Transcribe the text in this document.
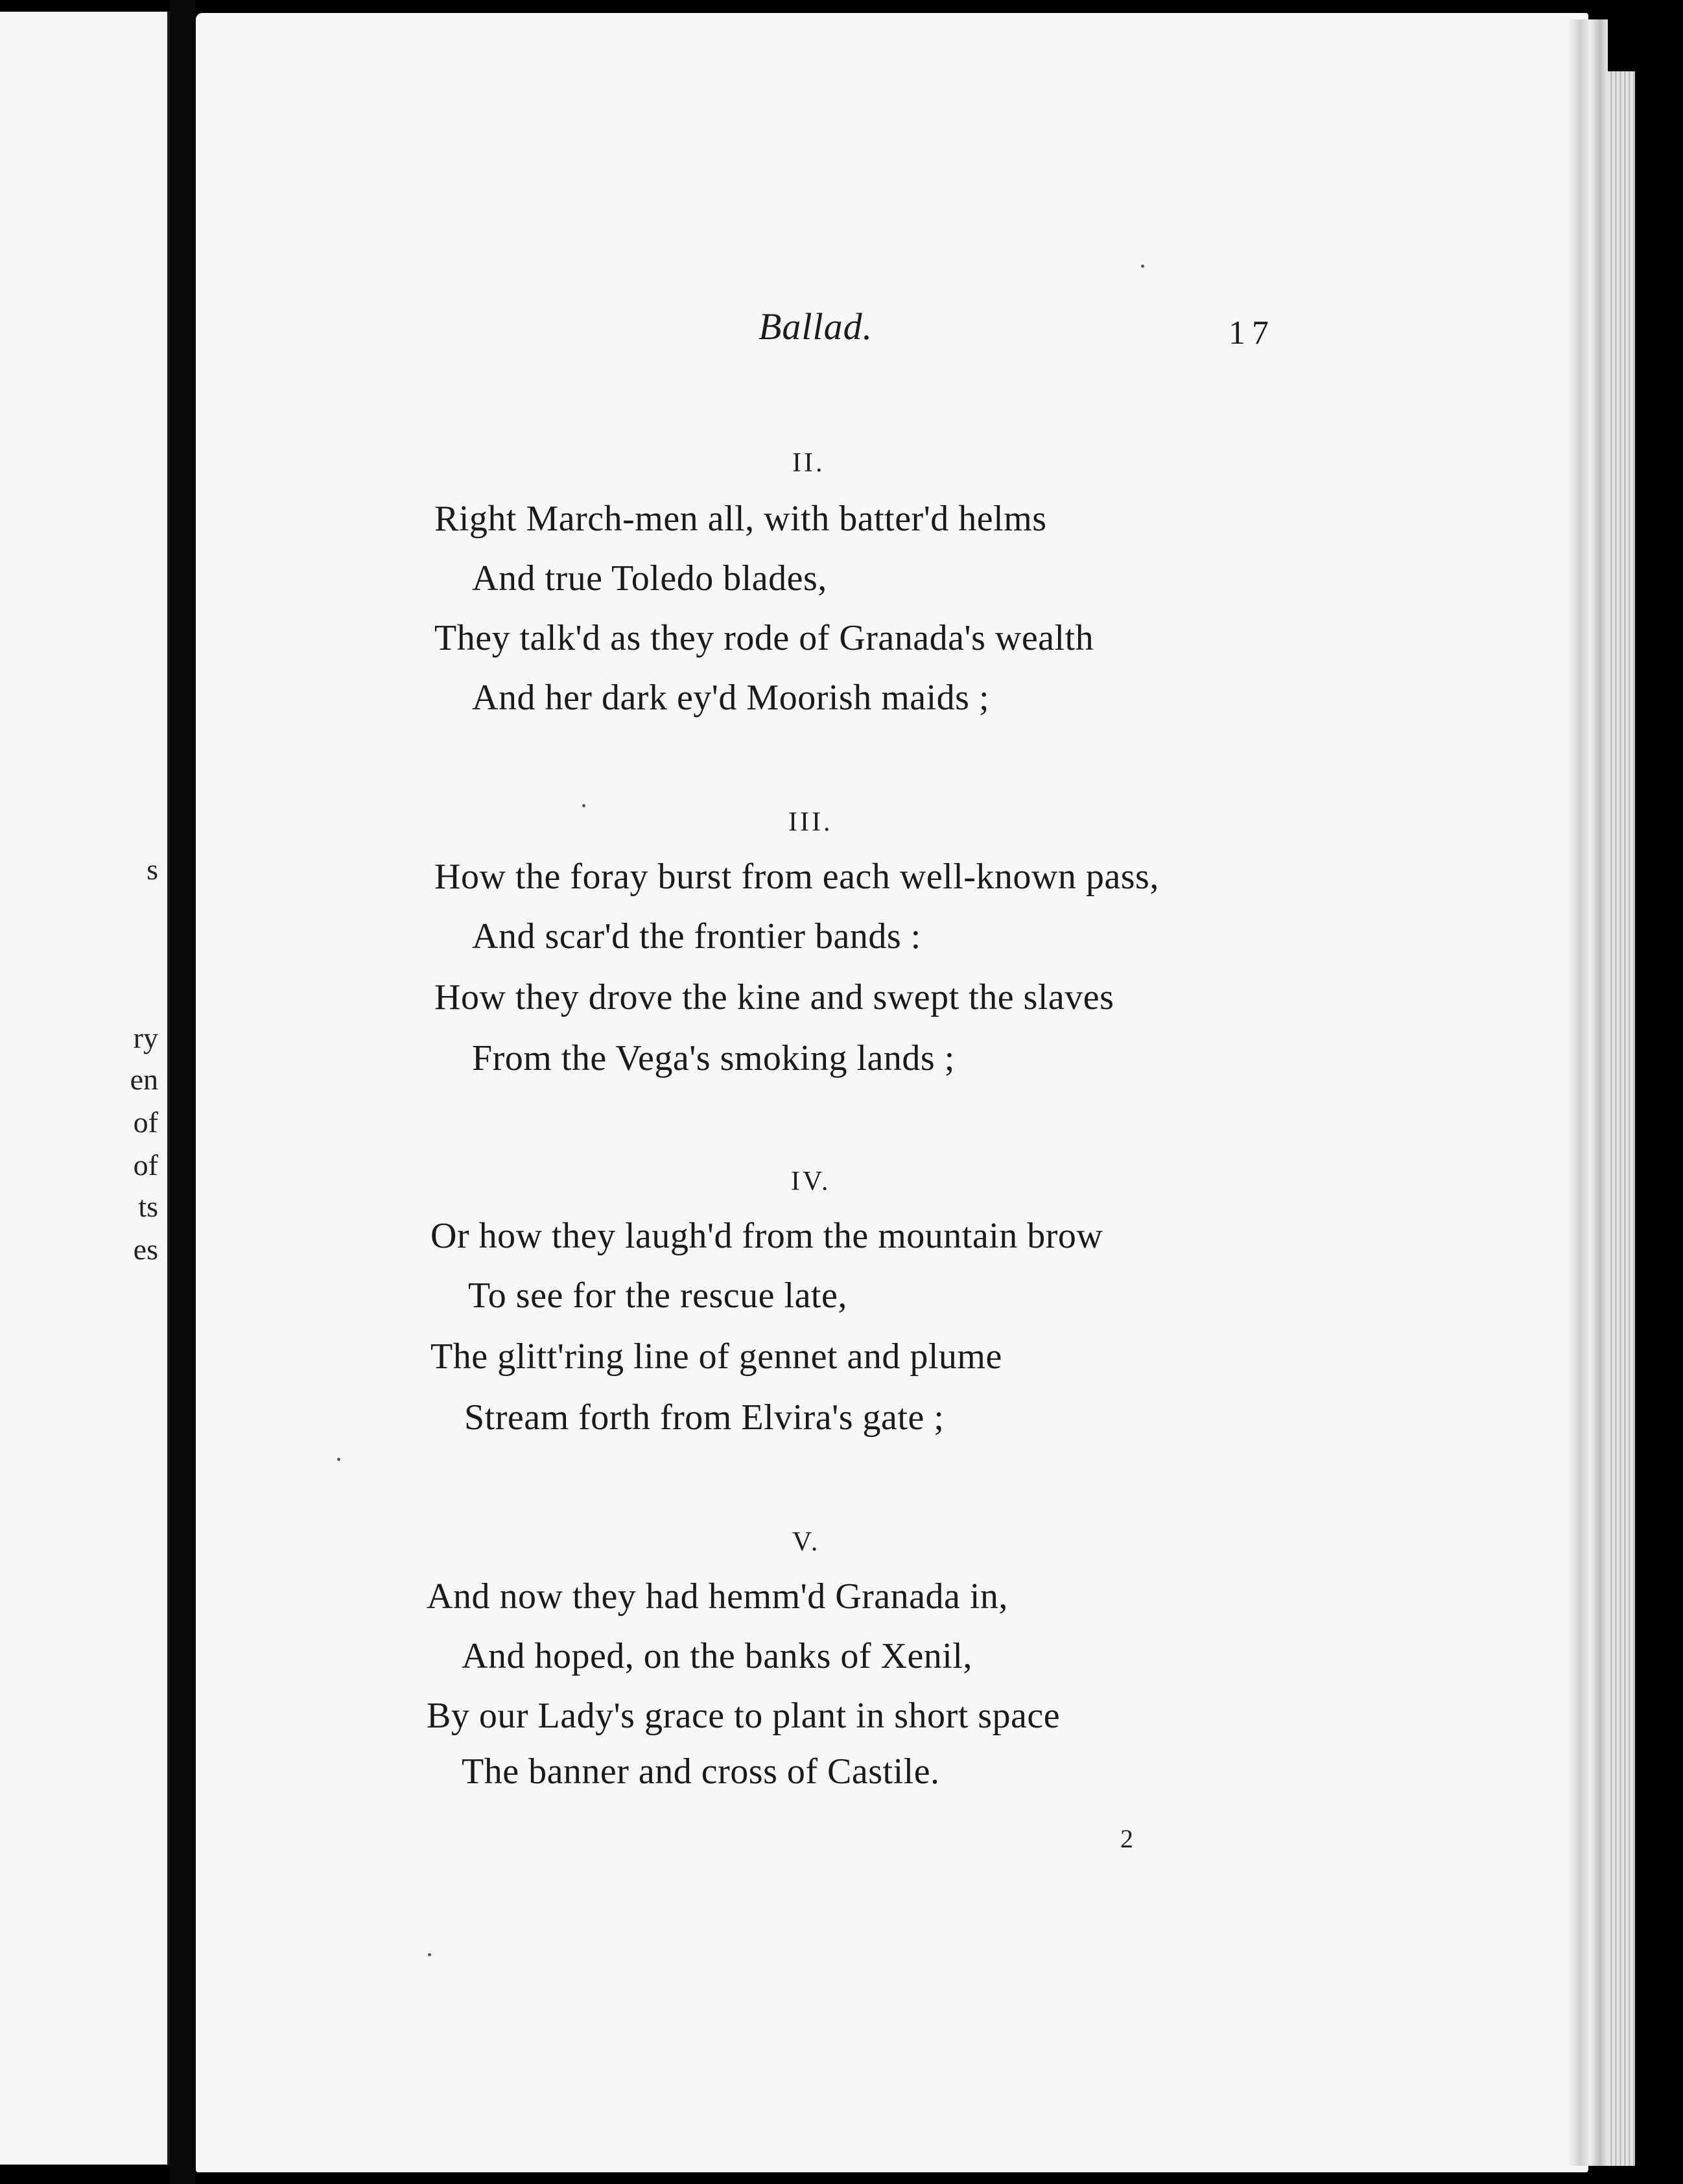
s
ry
en
of
of
ts
es
Ballad.	17
II.
Right March-men all, with batter'd helms
And true Toledo blades,
They talk'd as they rode of Granada's wealth
And her dark ey'd Moorish maids ;
III.
How the foray burst from each well-known pass,
And scar'd the frontier bands :
How they drove the kine and swept the slaves
From the Vega's smoking lands ;
IV.
Or how they laugh'd from the mountain brow
To see for the rescue late,
The glitt'ring line of gennet and plume
Stream forth from Elvira's gate ;
V.
And now they had hemm'd Granada in,
And hoped, on the banks of Xenil,
By our Lady's grace to plant in short space
The banner and cross of Castile.
2
